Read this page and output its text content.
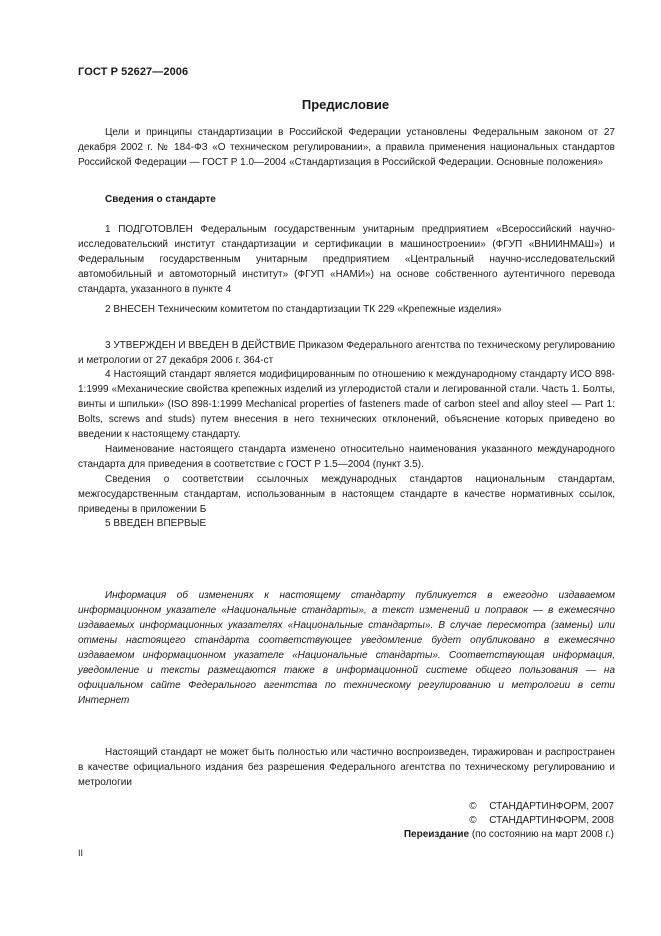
ГОСТ Р 52627—2006
Предисловие

Цели и принципы стандартизации в Российской Федерации установлены Федеральным законом от 27 декабря 2002 г. № 184-ФЗ «О техническом регулировании», а правила применения национальных стандартов Российской Федерации — ГОСТ Р 1.0—2004 «Стандартизация в Российской Федерации. Основные положения»

Сведения о стандарте

1 ПОДГОТОВЛЕН Федеральным государственным унитарным предприятием «Всероссийский научно-исследовательский институт стандартизации и сертификации в машиностроении» (ФГУП «ВНИИНМАШ») и Федеральным государственным унитарным предприятием «Центральный научно-исследовательский автомобильный и автомоторный институт» (ФГУП «НАМИ») на основе собственного аутентичного перевода стандарта, указанного в пункте 4

2 ВНЕСЕН Техническим комитетом по стандартизации ТК 229 «Крепежные изделия»

3 УТВЕРЖДЕН И ВВЕДЕН В ДЕЙСТВИЕ Приказом Федерального агентства по техническому регулированию и метрологии от 27 декабря 2006 г. 364-ст

4 Настоящий стандарт является модифицированным по отношению к международному стандарту ИСО 898-1:1999 «Механические свойства крепежных изделий из углеродистой стали и легированной стали. Часть 1. Болты, винты и шпильки» (ISO 898-1:1999 Mechanical properties of fasteners made of carbon steel and alloy steel — Part 1: Bolts, screws and studs) путем внесения в него технических отклонений, объяснение которых приведено во введении к настоящему стандарту.

Наименование настоящего стандарта изменено относительно наименования указанного международного стандарта для приведения в соответствие с ГОСТ Р 1.5—2004 (пункт 3.5).

Сведения о соответствии ссылочных международных стандартов национальным стандартам, межгосударственным стандартам, использованным в настоящем стандарте в качестве нормативных ссылок, приведены в приложении Б

5 ВВЕДЕН ВПЕРВЫЕ

Информация об изменениях к настоящему стандарту публикуется в ежегодно издаваемом информационном указателе «Национальные стандарты», а текст изменений и поправок — в ежемесячно издаваемых информационных указателях «Национальные стандарты». В случае пересмотра (замены) или отмены настоящего стандарта соответствующее уведомление будет опубликовано в ежемесячно издаваемом информационном указателе «Национальные стандарты». Соответствующая информация, уведомление и тексты размещаются также в информационной системе общего пользования — на официальном сайте Федерального агентства по техническому регулированию и метрологии в сети Интернет

Настоящий стандарт не может быть полностью или частично воспроизведен, тиражирован и распространен в качестве официального издания без разрешения Федерального агентства по техническому регулированию и метрологии

© СТАНДАРТИНФОРМ, 2007
© СТАНДАРТИНФОРМ, 2008
Переиздание (по состоянию на март 2008 г.)
II
